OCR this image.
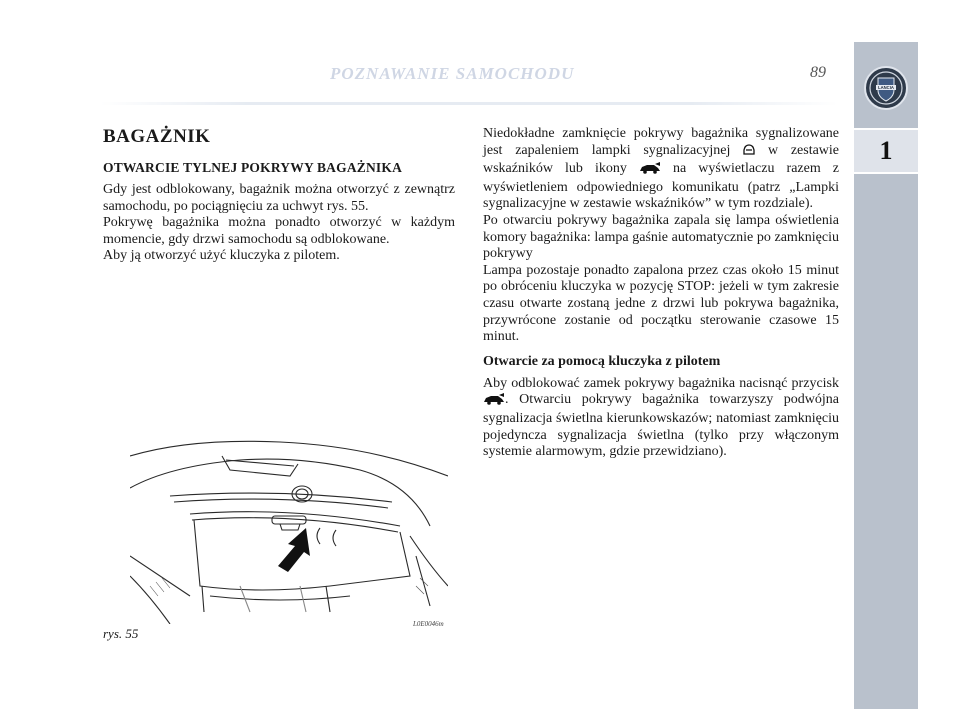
POZNAWANIE SAMOCHODU	89
LANCIA
1
BAGAŻNIK
OTWARCIE TYLNEJ POKRYWY BAGAŻNIKA

Gdy jest odblokowany, bagażnik można otworzyć z zewnątrz samochodu, po pociągnięciu za uchwyt rys. 55.

Pokrywę bagażnika można ponadto otworzyć w każdym momencie, gdy drzwi samochodu są odblokowane.

Aby ją otworzyć użyć kluczyka z pilotem.

rys. 55
L0E0046m

Niedokładne zamknięcie pokrywy bagażnika sygnalizowane jest zapaleniem lampki sygnalizacyjnej	w zestawie wskaźników lub ikony	na wyświetlaczu razem z wyświetleniem odpowiedniego komunikatu (patrz „Lampki sygnalizacyjne w zestawie wskaźników” w tym rozdziale).

Po otwarciu pokrywy bagażnika zapala się lampa oświetlenia komory bagażnika: lampa gaśnie automatycznie po zamknięciu pokrywy

Lampa pozostaje ponadto zapalona przez czas około 15 minut po obróceniu kluczyka w pozycję STOP: jeżeli w tym zakresie czasu otwarte zostaną jedne z drzwi lub pokrywa bagażnika, przywrócone zostanie od początku sterowanie czasowe 15 minut.

Otwarcie za pomocą kluczyka z pilotem

Aby odblokować zamek pokrywy bagażnika nacisnąć przycisk . Otwarciu pokrywy bagażnika towarzyszy podwójna sygnalizacja świetlna kierunkowskazów; natomiast zamknięciu pojedyncza sygnalizacja świetlna (tylko przy włączonym systemie alarmowym, gdzie przewidziano).
